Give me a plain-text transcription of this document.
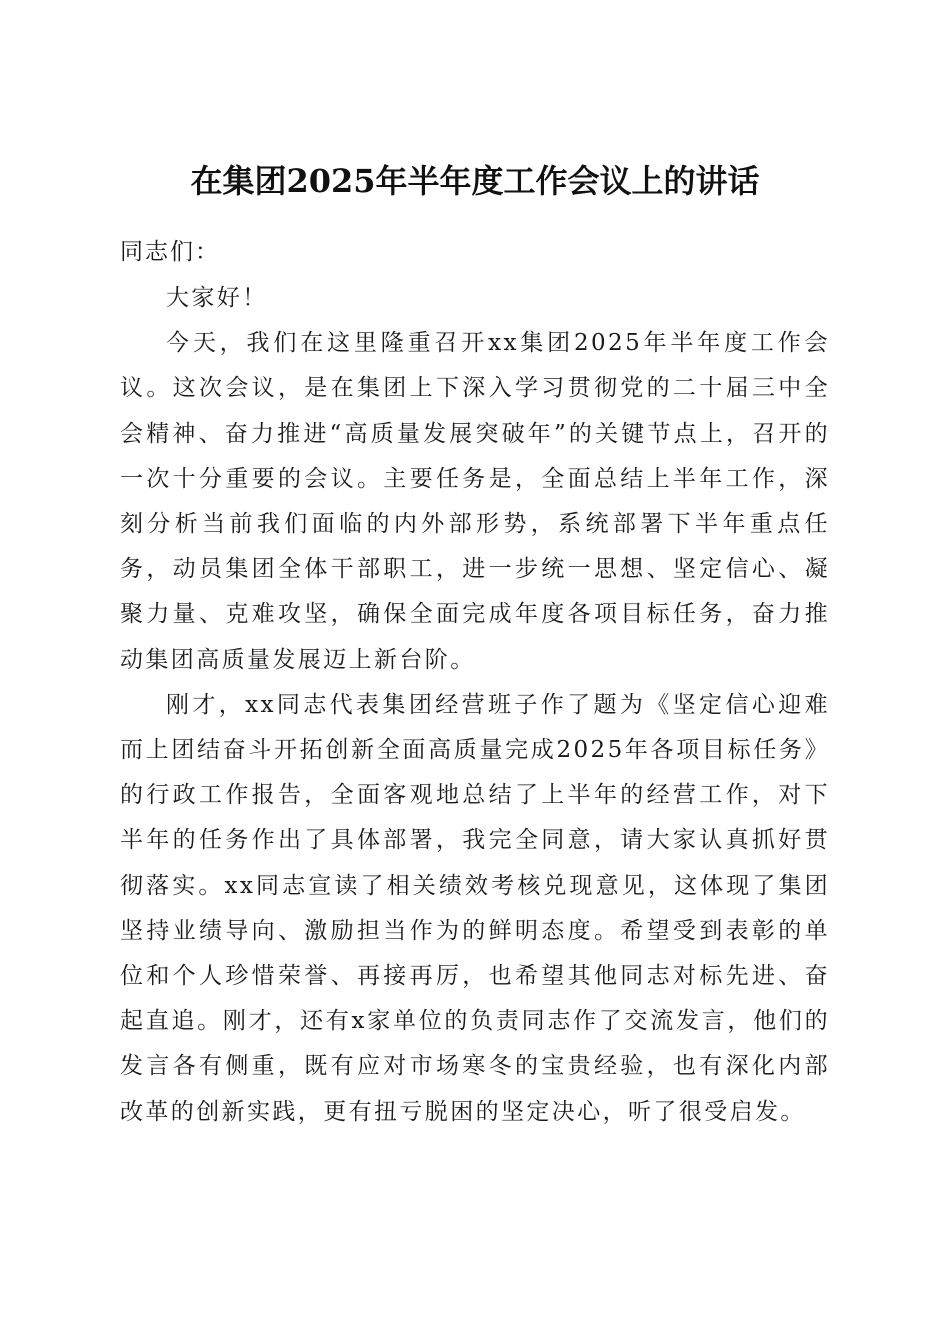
在集团2025年半年度工作会议上的讲话
同志们：

大家好！

今天，我们在这里隆重召开xx集团2025年半年度工作会议。这次会议，是在集团上下深入学习贯彻党的二十届三中全会精神、奋力推进“高质量发展突破年”的关键节点上，召开的一次十分重要的会议。主要任务是，全面总结上半年工作，深刻分析当前我们面临的内外部形势，系统部署下半年重点任务，动员集团全体干部职工，进一步统一思想、坚定信心、凝聚力量、克难攻坚，确保全面完成年度各项目标任务，奋力推动集团高质量发展迈上新台阶。

刚才，xx同志代表集团经营班子作了题为《坚定信心迎难而上团结奋斗开拓创新全面高质量完成2025年各项目标任务》的行政工作报告，全面客观地总结了上半年的经营工作，对下半年的任务作出了具体部署，我完全同意，请大家认真抓好贯彻落实。xx同志宣读了相关绩效考核兑现意见，这体现了集团坚持业绩导向、激励担当作为的鲜明态度。希望受到表彰的单位和个人珍惜荣誉、再接再厉，也希望其他同志对标先进、奋起直追。刚才，还有x家单位的负责同志作了交流发言，他们的发言各有侧重，既有应对市场寒冬的宝贵经验，也有深化内部改革的创新实践，更有扭亏脱困的坚定决心，听了很受启发。
